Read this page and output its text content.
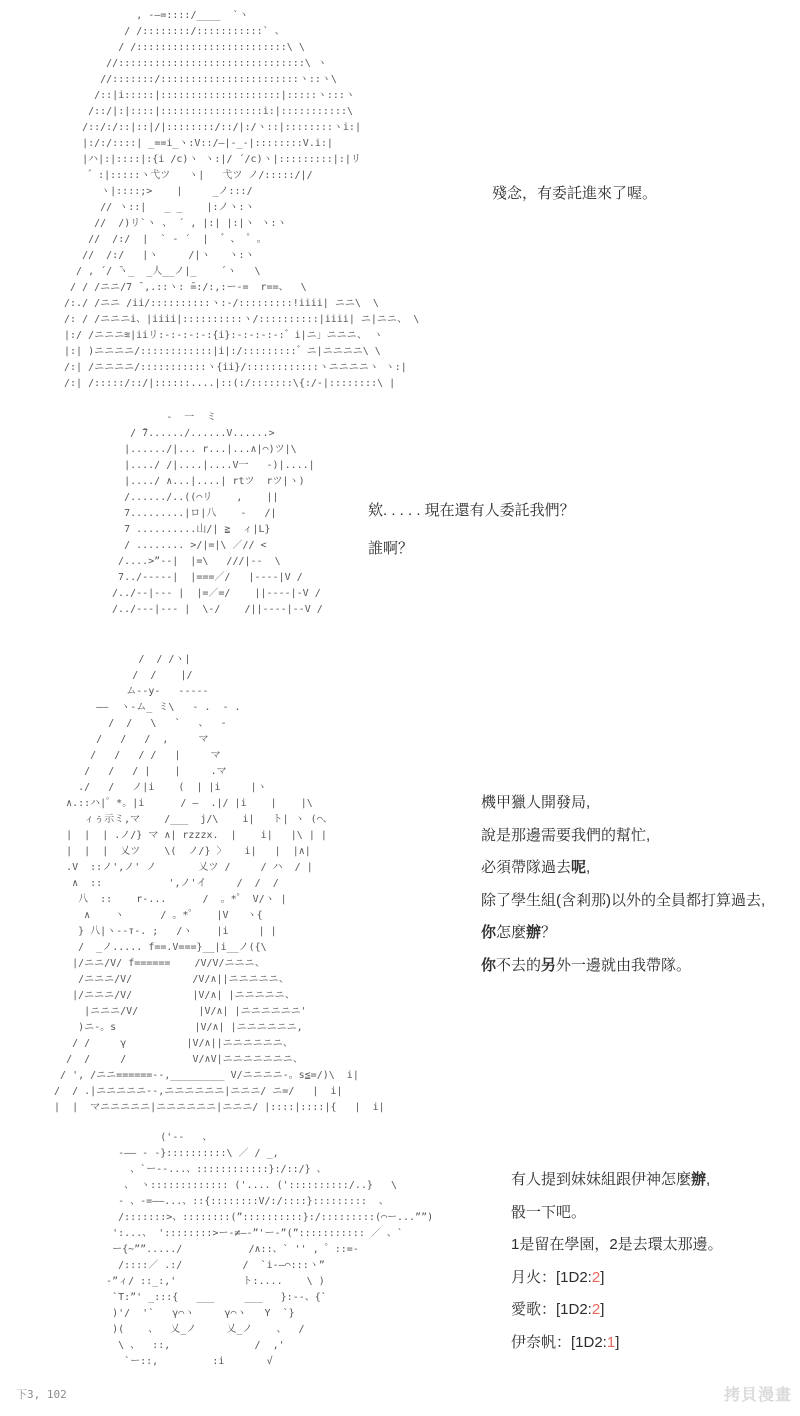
, -―=::::/____  `ヽ
/ /::::::::/:::::::::::` 、
/ /:::::::::::::::::::::::::\ \
//:::::::::::::::::::::::::::::::\ ヽ
//:::::::/:::::::::::::::::::::::ヽ::ヽ\
/::|i:::::|::::::::::::::::::::|:::::ヽ:::ヽ
/::/|:|::::|:::::::::::::::::i:|:::::::::::\
/::/:/::|::|/|::::::::/::/|:/ヽ::|::::::::ヽi:|
|:/:/::::| _==i_ヽ:V::/―|-_-|::::::::V.i:|
|ハ|:|::::|:{i /c)ヽ ヽ:|/ ´/c)ヽ|:::::::::|:|リ
゛:|:::::ヽ弋ツ   ヽ|   弋ツ ノ/:::::/|/
ヽ|::::;>    |     _ノ:::/
// ヽ::|   _ _    |:ノヽ:ヽ
//  /)リ`ヽ 、 ´ , |:| |:|ヽ ヽ:ヽ
//  /:/  |  ` - ´  |  ゛、 ゜。
//  /:/   |ヽ     /|ヽ   ヽ:ヽ
/ , ´/ ̄ヽ_  _人__ノ|_    ´ヽ   \
/ / /ニニ/7 ̄ ,.::ヽ: ̄=:/:,:ー-=  r==、  \
/:./ /ニニ /ii/::::::::::ヽ:-/:::::::::!iiii| ニニ\  \
/: / /ニニニi、|iiii|::::::::::ヽ/::::::::::|iiii| ニ|ニニ、 \
|:/ /ニニニ≋|iiリ:-:-:-:-:{i}:-:-:-:-:゛i|ニ」ニニニ、 ヽ
|:| )ニニニニ/::::::::::::|i|:/:::::::::゛ニ|ニニニニ\ \
/:| /ニニニニ/:::::::::::ヽ{ii}/::::::::::::ヽニニニニヽ ヽ:|
/:| /:::::/::/|::::::....|::(:/:::::::\{:/-|::::::::\ |
-  一  ミ
/ ̄7....../......V......>
|....../|... r...|...∧|⌒)ツ|\
|..../ /|....|....V一   -)|....|
|..../ ∧...|....| rtツ  rツ|ヽ)
/....../..((⌒リ    ,    ||
7.........|ロ|八    -   /|
7 ..........山/| ≧  ィ|L}
/ ........ >/|=|\ ／// <
/....>”--|  |=\   ///|--  \
7../-----|  |===／/   |----|V /
/../--|--- |  |=／=/    ||----|-V /
/../---|--- |  \-/    /||----|--V /
/  / /ヽ|
/  /    |/
ム--y-   -----
――  ヽ-ム_ ミ\   - .  - .
/  /   \   `   、  -
/   /   /  ,     マ
/   /   / /   |     マ
/   /   / |    |     .マ
./   /   ノ|i    (  | |i     |ヽ
∧.::ハ|゜*。|i      / ―  .|/ |i    |    |\
ィぅ示ミ,マ    /___  j/\    i|   ト| ヽ (⌒、
|  |  | .ノ/} マ ∧| rzzzx.  |    i|   |\ | |
|  |  |  乂ツ    \(  ノ/} 〉   i|   |  |∧|
.V  ::ノ',ノ' ノ       乂ツ /     / ハ  / |
∧  ::           ',ノ'イ     /  /  /
八  ::    r-...      /  。*゜ V/ヽ |
∧    ヽ      / 。*゜   |V   ヽ{
} 八|ヽ--т-. ;   /ヽ    |i     | |
/  _ノ..... f==.V===}__|i__ノ({\
|/ニニ/V/ f======    /V/V/ニニニ、
/ニニニ/V/          /V/∧||ニニニニニ、
|/ニニニ/V/          |V/∧| |ニニニニニ、
|ニニニ/V/          |V/∧| |ニニニニニニ'
)ニ-。s             |V/∧| |ニニニニニニ,
/ /     γ          |V/∧||ニニニニニニ、
/  /     /           V/∧V|ニニニニニニニ、
/ ', /ニニ======--,_________ V/ニニニニ-。s≦=/)\  i|
/  / .|ニニニニニ--,ニニニニニニ|ニニニ/ ニ=/   |  i|
|  |  マニニニニニ|ニニニニニニ|ニニニ/ |::::|::::|{   |  i|
('--   、
-―― - -}::::::::::\ ／ / _,
、`ー--...、::::::::::::}:/::/} 、
、 ヽ::::::::::::: ('.... ('::::::::::/..}   \
- 、-=――...、::{::::::::V/:/::::}:::::::::  、
/:::::::>、::::::::(”::::::::::}:/:::::::::(⌒ー...””)
':...、 '::::::::>ー-≠―-”'ー-”(”::::::::::: ／ 、`
ー{~””...../           /∧::、` '' , ゜::=-
/::::／ .:/          /  `i-―⌒:::ヽ”
-”ィ/ ::_:,'           ト:....    \ )
`T:”' _:::{   ___     ___   }:--、{`
)'/  '`   γ⌒ヽ     γ⌒ヽ   Y  `}
)(    、  乂_ノ     乂_ノ    、  /
\ 、  ::,              /  ,'
`ー::,         :i       √
殘念，有委託進來了喔。
欸. . . . . 現在還有人委託我們？
誰啊？
機甲獵人開發局,
說是那邊需要我們的幫忙,
必須帶隊過去呢,
除了學生組(含剎那)以外的全員都打算過去,
你怎麼辦？
你不去的另外一邊就由我帶隊。
有人提到妹妹組跟伊神怎麼辦,
骰一下吧。
1是留在學園，2是去環太那邊。
月火：[1D2:2]
愛歌：[1D2:2]
伊奈帆：[1D2:1]
下3, 102	拷貝漫畫
